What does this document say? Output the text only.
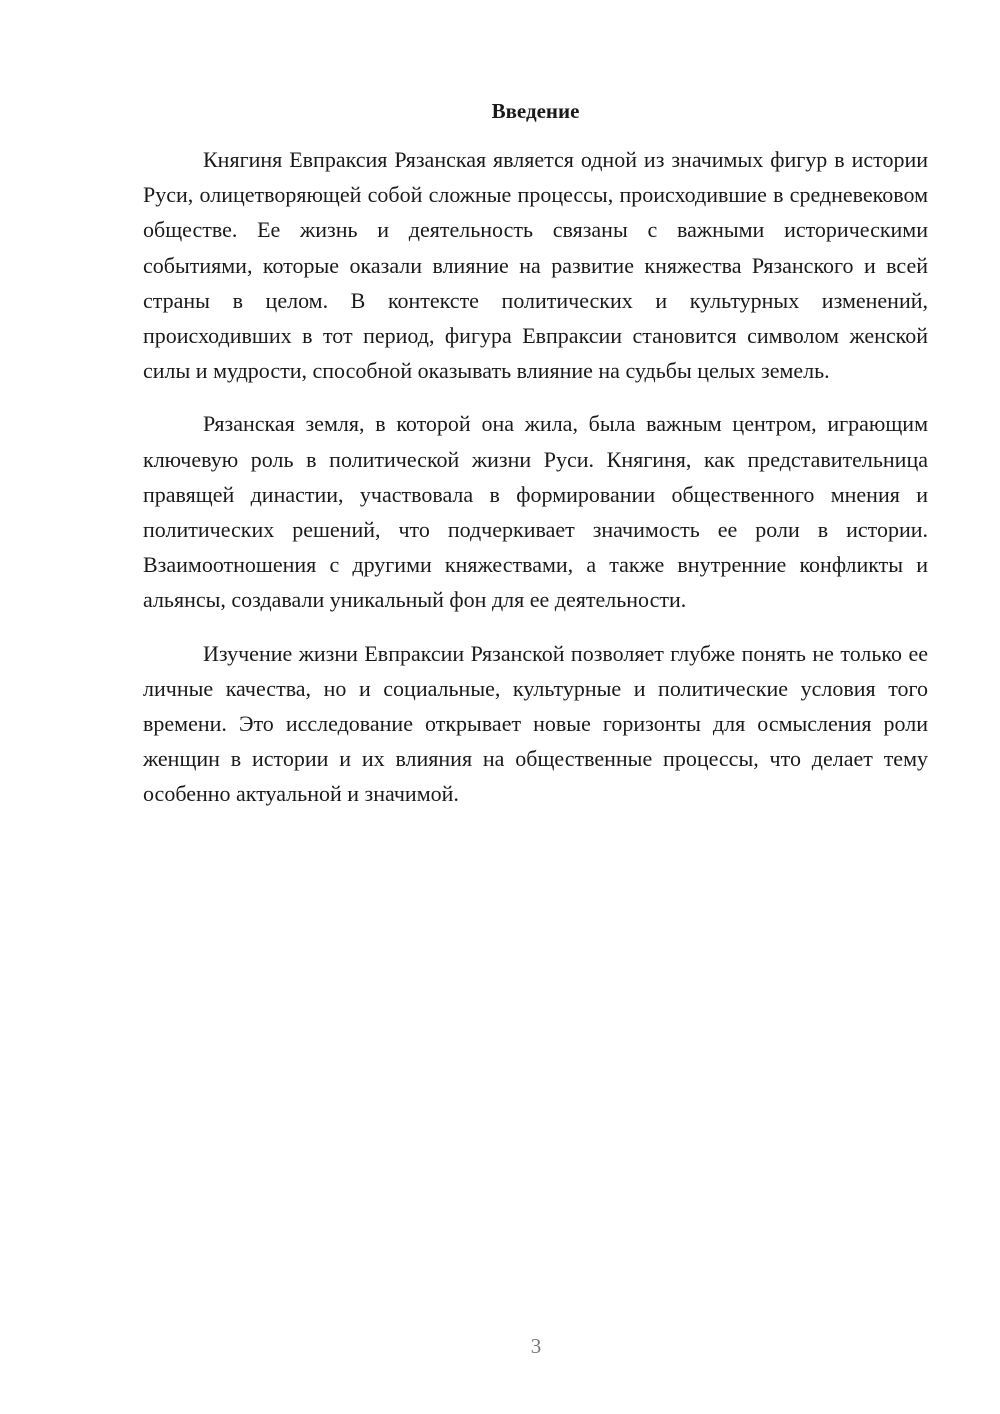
Введение

Княгиня Евпраксия Рязанская является одной из значимых фигур в истории Руси, олицетворяющей собой сложные процессы, происходившие в средневековом обществе. Ее жизнь и деятельность связаны с важными историческими событиями, которые оказали влияние на развитие княжества Рязанского и всей страны в целом. В контексте политических и культурных изменений, происходивших в тот период, фигура Евпраксии становится символом женской силы и мудрости, способной оказывать влияние на судьбы целых земель.

Рязанская земля, в которой она жила, была важным центром, играющим ключевую роль в политической жизни Руси. Княгиня, как представительница правящей династии, участвовала в формировании общественного мнения и политических решений, что подчеркивает значимость ее роли в истории. Взаимоотношения с другими княжествами, а также внутренние конфликты и альянсы, создавали уникальный фон для ее деятельности.

Изучение жизни Евпраксии Рязанской позволяет глубже понять не только ее личные качества, но и социальные, культурные и политические условия того времени. Это исследование открывает новые горизонты для осмысления роли женщин в истории и их влияния на общественные процессы, что делает тему особенно актуальной и значимой.

3
